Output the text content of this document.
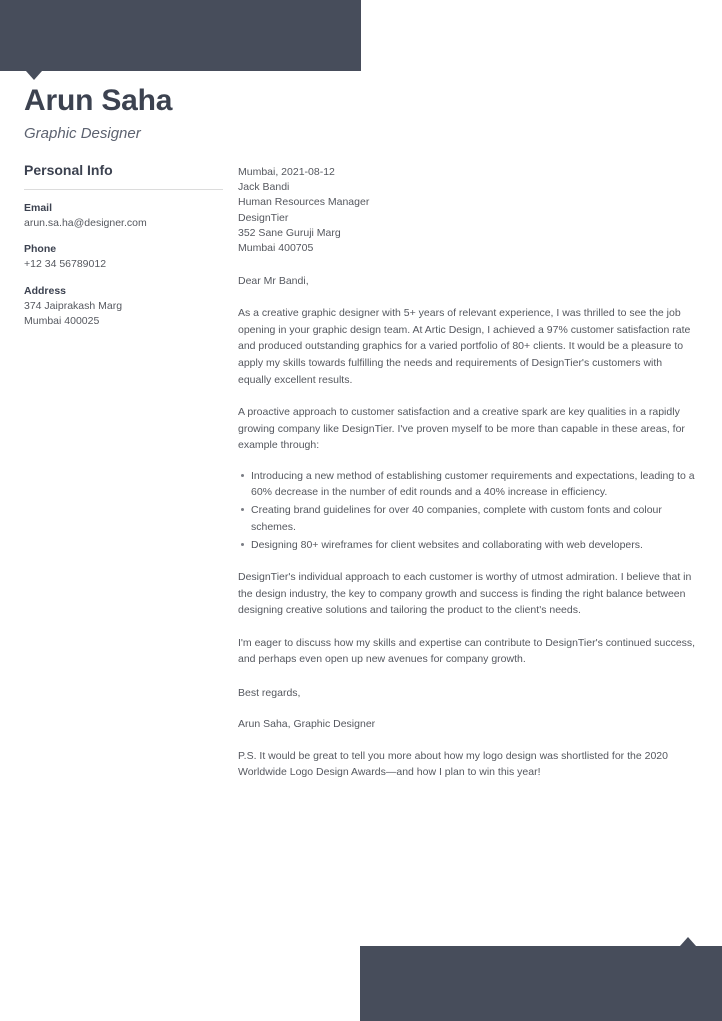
Arun Saha
Graphic Designer
Personal Info
Email
arun.sa.ha@designer.com
Phone
+12 34 56789012
Address
374 Jaiprakash Marg
Mumbai 400025
Mumbai, 2021-08-12
Jack Bandi
Human Resources Manager
DesignTier
352 Sane Guruji Marg
Mumbai 400705
Dear Mr Bandi,

As a creative graphic designer with 5+ years of relevant experience, I was thrilled to see the job opening in your graphic design team. At Artic Design, I achieved a 97% customer satisfaction rate and produced outstanding graphics for a varied portfolio of 80+ clients. It would be a pleasure to apply my skills towards fulfilling the needs and requirements of DesignTier's customers with equally excellent results.

A proactive approach to customer satisfaction and a creative spark are key qualities in a rapidly growing company like DesignTier. I've proven myself to be more than capable in these areas, for example through:

Introducing a new method of establishing customer requirements and expectations, leading to a 60% decrease in the number of edit rounds and a 40% increase in efficiency.
Creating brand guidelines for over 40 companies, complete with custom fonts and colour schemes.
Designing 80+ wireframes for client websites and collaborating with web developers.

DesignTier's individual approach to each customer is worthy of utmost admiration. I believe that in the design industry, the key to company growth and success is finding the right balance between designing creative solutions and tailoring the product to the client's needs.

I'm eager to discuss how my skills and expertise can contribute to DesignTier's continued success, and perhaps even open up new avenues for company growth.

Best regards,
Arun Saha, Graphic Designer

P.S. It would be great to tell you more about how my logo design was shortlisted for the 2020 Worldwide Logo Design Awards—and how I plan to win this year!
